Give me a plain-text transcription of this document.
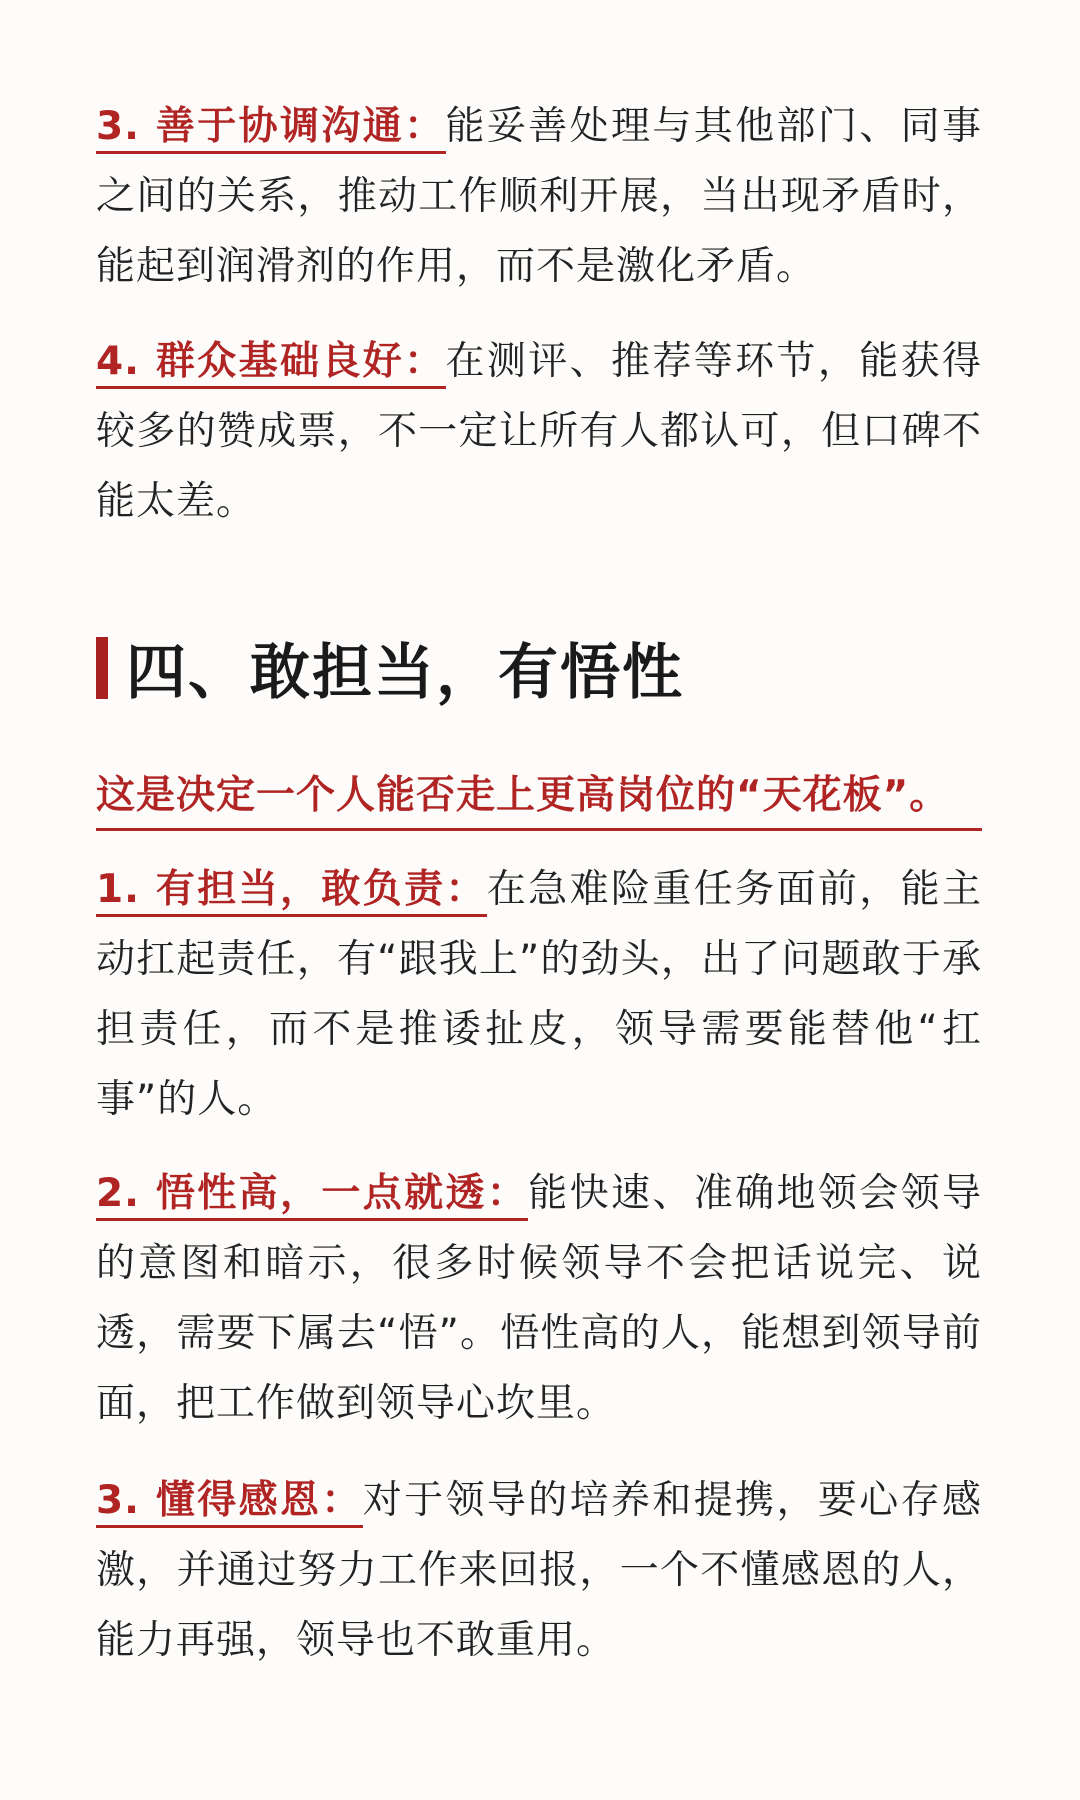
3. 善于协调沟通：能妥善处理与其他部门、同事之间的关系，推动工作顺利开展，当出现矛盾时，能起到润滑剂的作用，而不是激化矛盾。
4. 群众基础良好：在测评、推荐等环节，能获得较多的赞成票，不一定让所有人都认可，但口碑不能太差。
四、敢担当，有悟性
这是决定一个人能否走上更高岗位的“天花板”。
1. 有担当，敢负责：在急难险重任务面前，能主动扛起责任，有“跟我上”的劲头，出了问题敢于承担责任，而不是推诿扯皮，领导需要能替他“扛事”的人。
2. 悟性高，一点就透：能快速、准确地领会领导的意图和暗示，很多时候领导不会把话说完、说透，需要下属去“悟”。悟性高的人，能想到领导前面，把工作做到领导心坎里。
3. 懂得感恩：对于领导的培养和提携，要心存感激，并通过努力工作来回报，一个不懂感恩的人，能力再强，领导也不敢重用。
